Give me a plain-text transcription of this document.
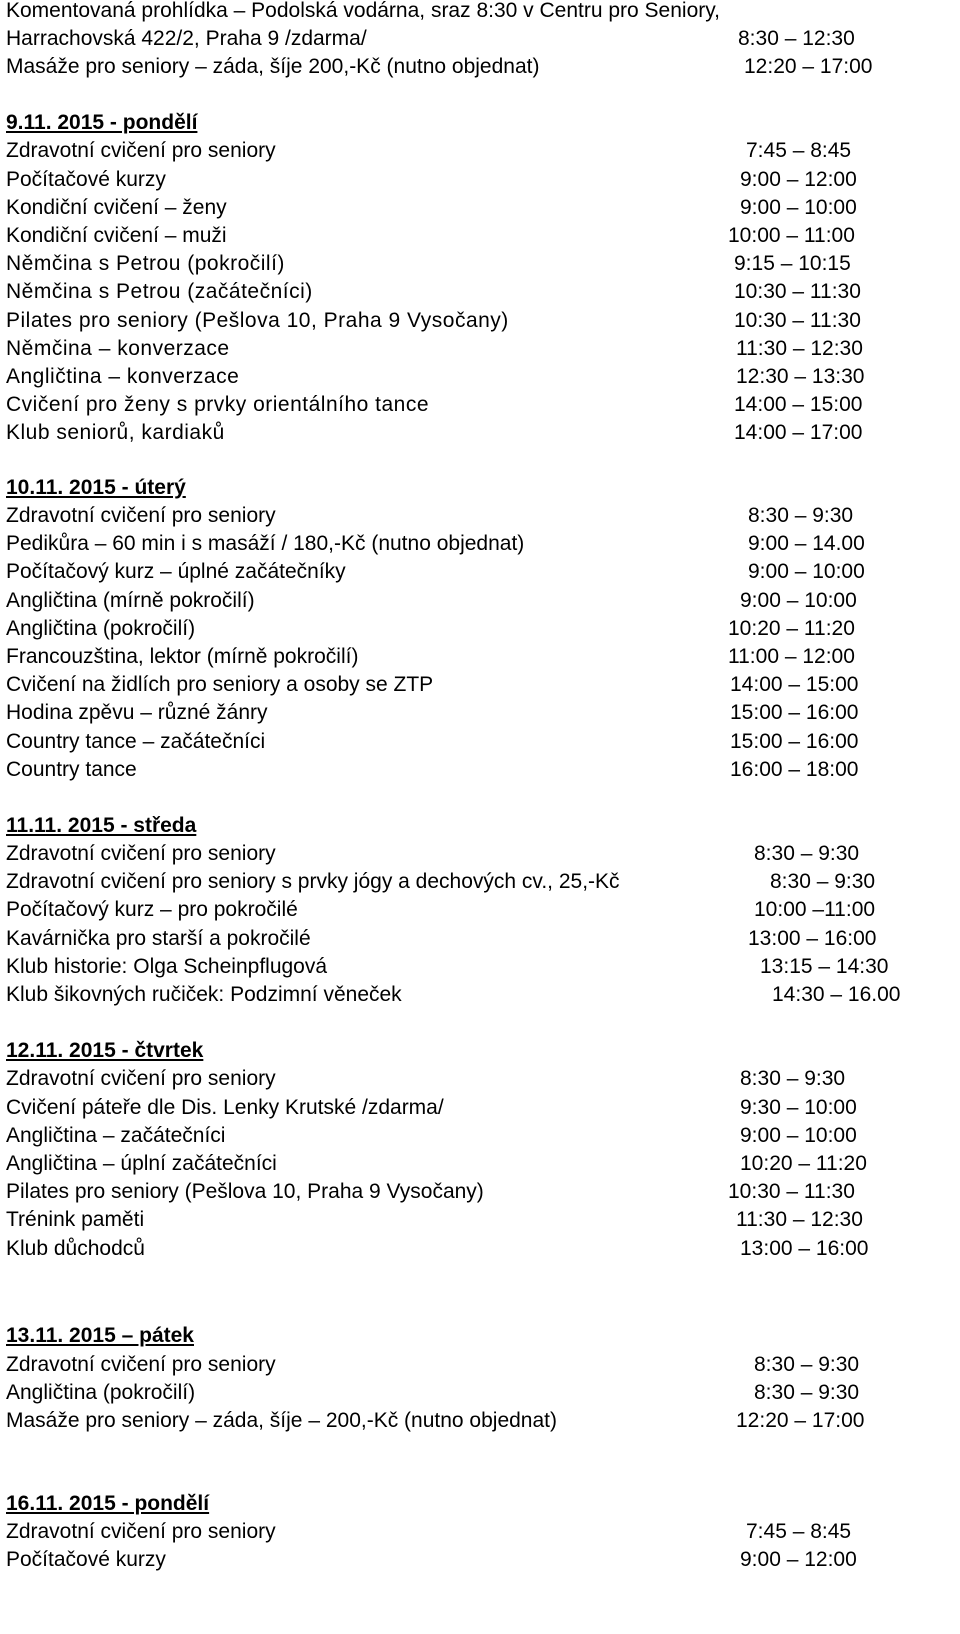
Komentovaná prohlídka – Podolská vodárna, sraz 8:30 v Centru pro Seniory,
Harrachovská 422/2, Praha 9 /zdarma/	8:30 – 12:30
Masáže pro seniory – záda, šíje 200,-Kč (nutno objednat)	12:20 – 17:00
9.11. 2015 - pondělí
Zdravotní cvičení pro seniory	7:45 – 8:45
Počítačové kurzy	9:00 – 12:00
Kondiční cvičení – ženy	9:00 – 10:00
Kondiční cvičení – muži	10:00 – 11:00
Němčina s Petrou (pokročilí)	9:15 – 10:15
Němčina s Petrou (začátečníci)	10:30 – 11:30
Pilates pro seniory (Pešlova 10, Praha 9 Vysočany)	10:30 – 11:30
Němčina – konverzace	11:30 – 12:30
Angličtina – konverzace	12:30 – 13:30
Cvičení pro ženy s prvky orientálního tance	14:00 – 15:00
Klub seniorů, kardiaků	14:00 – 17:00
10.11. 2015 - úterý
Zdravotní cvičení pro seniory	8:30 – 9:30
Pedikůra – 60 min i s masáží / 180,-Kč (nutno objednat)	9:00 – 14.00
Počítačový kurz – úplné začátečníky	9:00 – 10:00
Angličtina (mírně pokročilí)	9:00 – 10:00
Angličtina (pokročilí)	10:20 – 11:20
Francouzština, lektor (mírně pokročilí)	11:00 – 12:00
Cvičení na židlích pro seniory a osoby se ZTP	14:00 – 15:00
Hodina zpěvu – různé žánry	15:00 – 16:00
Country tance – začátečníci	15:00 – 16:00
Country tance	16:00 – 18:00
11.11. 2015 - středa
Zdravotní cvičení pro seniory	8:30 – 9:30
Zdravotní cvičení pro seniory s prvky jógy a dechových cv., 25,-Kč	8:30 – 9:30
Počítačový kurz – pro pokročilé	10:00 –11:00
Kavárnička pro starší a pokročilé	13:00 – 16:00
Klub historie: Olga Scheinpflugová	13:15 – 14:30
Klub šikovných ručiček: Podzimní věneček	14:30 – 16.00
12.11. 2015 - čtvrtek
Zdravotní cvičení pro seniory	8:30 – 9:30
Cvičení páteře dle Dis. Lenky Krutské /zdarma/	9:30 – 10:00
Angličtina – začátečníci	9:00 – 10:00
Angličtina – úplní začátečníci	10:20 – 11:20
Pilates pro seniory (Pešlova 10, Praha 9 Vysočany)	10:30 – 11:30
Trénink paměti	11:30 – 12:30
Klub důchodců	13:00 – 16:00
13.11. 2015 – pátek
Zdravotní cvičení pro seniory	8:30 – 9:30
Angličtina (pokročilí)	8:30 – 9:30
Masáže pro seniory – záda, šíje – 200,-Kč (nutno objednat)	12:20 – 17:00
16.11. 2015 - pondělí
Zdravotní cvičení pro seniory	7:45 – 8:45
Počítačové kurzy	9:00 – 12:00
